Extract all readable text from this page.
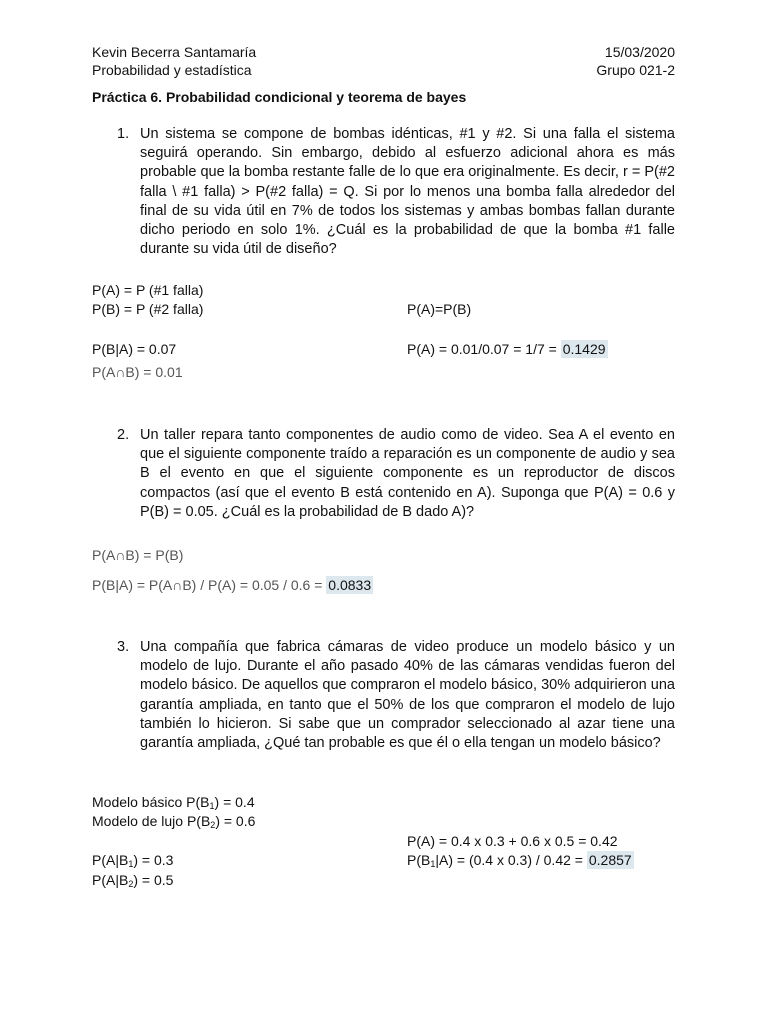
Kevin Becerra Santamaría	15/03/2020
Probabilidad y estadística	Grupo 021-2
Práctica 6. Probabilidad condicional y teorema de bayes
1. Un sistema se compone de bombas idénticas, #1 y #2. Si una falla el sistema seguirá operando. Sin embargo, debido al esfuerzo adicional ahora es más probable que la bomba restante falle de lo que era originalmente. Es decir, r = P(#2 falla \ #1 falla) > P(#2 falla) = Q. Si por lo menos una bomba falla alrededor del final de su vida útil en 7% de todos los sistemas y ambas bombas fallan durante dicho periodo en solo 1%. ¿Cuál es la probabilidad de que la bomba #1 falle durante su vida útil de diseño?
P(A) = P (#1 falla)
P(B) = P (#2 falla)	P(A)=P(B)
P(B|A) = 0.07	P(A) = 0.01/0.07 = 1/7 = 0.1429
P(A∩B) = 0.01
2. Un taller repara tanto componentes de audio como de video. Sea A el evento en que el siguiente componente traído a reparación es un componente de audio y sea B el evento en que el siguiente componente es un reproductor de discos compactos (así que el evento B está contenido en A). Suponga que P(A) = 0.6 y P(B) = 0.05. ¿Cuál es la probabilidad de B dado A)?
P(A∩B) = P(B)
P(B|A) = P(A∩B) / P(A) = 0.05 / 0.6 = 0.0833
3. Una compañía que fabrica cámaras de video produce un modelo básico y un modelo de lujo. Durante el año pasado 40% de las cámaras vendidas fueron del modelo básico. De aquellos que compraron el modelo básico, 30% adquirieron una garantía ampliada, en tanto que el 50% de los que compraron el modelo de lujo también lo hicieron. Si sabe que un comprador seleccionado al azar tiene una garantía ampliada, ¿Qué tan probable es que él o ella tengan un modelo básico?
Modelo básico $P(B_1) = 0.4$
Modelo de lujo $P(B_2) = 0.6$
P(A) = 0.4 x 0.3 + 0.6 x 0.5 = 0.42
$P(A|B_1) = 0.3$	$P(B_1|A) = (0.4$ x 0.3) / 0.42 = 0.2857
$P(A|B_2) = 0.5$
